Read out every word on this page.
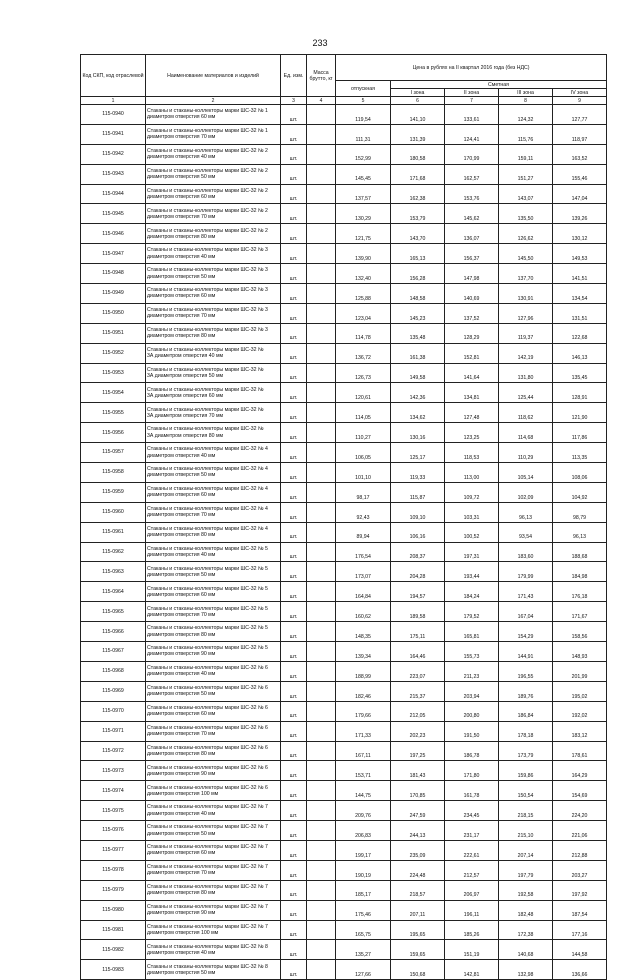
233
Код СКП, код отраслевой	Наименование материалов и изделий	Ед. изм.	Масса брутто, кг	Цена в рублях на II квартал 2016 года (без НДС)				
				отпускная	Сметная			
					I зона	II зона	III зона	IV зона
1	2	3	4	5	6	7	8	9
115-0940	Стаканы и стаканы-коллекторы марки ШС-32 № 1
диаметром отверстия 60 мм	шт.		119,54	141,10	133,61	124,32	127,77
115-0941	Стаканы и стаканы-коллекторы марки ШС-32 № 1
диаметром отверстия 70 мм	шт.		111,31	131,39	124,41	115,76	118,97
115-0942	Стаканы и стаканы-коллекторы марки ШС-32 № 2
диаметром отверстия 40 мм	шт.		152,99	180,58	170,99	159,11	163,52
115-0943	Стаканы и стаканы-коллекторы марки ШС-32 № 2
диаметром отверстия 50 мм	шт.		145,45	171,68	162,57	151,27	155,46
115-0944	Стаканы и стаканы-коллекторы марки ШС-32 № 2
диаметром отверстия 60 мм	шт.		137,57	162,38	153,76	143,07	147,04
115-0945	Стаканы и стаканы-коллекторы марки ШС-32 № 2
диаметром отверстия 70 мм	шт.		130,29	153,79	145,62	135,50	139,26
115-0946	Стаканы и стаканы-коллекторы марки ШС-32 № 2
диаметром отверстия 80 мм	шт.		121,75	143,70	136,07	126,62	130,12
115-0947	Стаканы и стаканы-коллекторы марки ШС-32 № 3
диаметром отверстия 40 мм	шт.		139,90	165,13	156,37	145,50	149,53
115-0948	Стаканы и стаканы-коллекторы марки ШС-32 № 3
диаметром отверстия 50 мм	шт.		132,40	156,28	147,98	137,70	141,51
115-0949	Стаканы и стаканы-коллекторы марки ШС-32 № 3
диаметром отверстия 60 мм	шт.		125,88	148,58	140,69	130,91	134,54
115-0950	Стаканы и стаканы-коллекторы марки ШС-32 № 3
диаметром отверстия 70 мм	шт.		123,04	145,23	137,52	127,96	131,51
115-0951	Стаканы и стаканы-коллекторы марки ШС-32 № 3
диаметром отверстия 80 мм	шт.		114,78	135,48	128,29	119,37	122,68
115-0952	Стаканы и стаканы-коллекторы марки ШС-32 №
3А диаметром отверстия 40 мм	шт.		136,72	161,38	152,81	142,19	146,13
115-0953	Стаканы и стаканы-коллекторы марки ШС-32 №
3А диаметром отверстия 50 мм	шт.		126,73	149,58	141,64	131,80	135,45
115-0954	Стаканы и стаканы-коллекторы марки ШС-32 №
3А диаметром отверстия 60 мм	шт.		120,61	142,36	134,81	125,44	128,91
115-0955	Стаканы и стаканы-коллекторы марки ШС-32 №
3А диаметром отверстия 70 мм	шт.		114,05	134,62	127,48	118,62	121,90
115-0956	Стаканы и стаканы-коллекторы марки ШС-32 №
3А диаметром отверстия 80 мм	шт.		110,27	130,16	123,25	114,68	117,86
115-0957	Стаканы и стаканы-коллекторы марки ШС-32 № 4
диаметром отверстия 40 мм	шт.		106,05	125,17	118,53	110,29	113,35
115-0958	Стаканы и стаканы-коллекторы марки ШС-32 № 4
диаметром отверстия 50 мм	шт.		101,10	119,33	113,00	105,14	108,06
115-0959	Стаканы и стаканы-коллекторы марки ШС-32 № 4
диаметром отверстия 60 мм	шт.		98,17	115,87	109,72	102,09	104,92
115-0960	Стаканы и стаканы-коллекторы марки ШС-32 № 4
диаметром отверстия 70 мм	шт.		92,43	109,10	103,31	96,13	98,79
115-0961	Стаканы и стаканы-коллекторы марки ШС-32 № 4
диаметром отверстия 80 мм	шт.		89,94	106,16	100,52	93,54	96,13
115-0962	Стаканы и стаканы-коллекторы марки ШС-32 № 5
диаметром отверстия 40 мм	шт.		176,54	208,37	197,31	183,60	188,68
115-0963	Стаканы и стаканы-коллекторы марки ШС-32 № 5
диаметром отверстия 50 мм	шт.		173,07	204,28	193,44	179,99	184,98
115-0964	Стаканы и стаканы-коллекторы марки ШС-32 № 5
диаметром отверстия 60 мм	шт.		164,84	194,57	184,24	171,43	176,18
115-0965	Стаканы и стаканы-коллекторы марки ШС-32 № 5
диаметром отверстия 70 мм	шт.		160,62	189,58	179,52	167,04	171,67
115-0966	Стаканы и стаканы-коллекторы марки ШС-32 № 5
диаметром отверстия 80 мм	шт.		148,35	175,11	165,81	154,29	158,56
115-0967	Стаканы и стаканы-коллекторы марки ШС-32 № 5
диаметром отверстия 90 мм	шт.		139,34	164,46	155,73	144,91	148,93
115-0968	Стаканы и стаканы-коллекторы марки ШС-32 № 6
диаметром отверстия 40 мм	шт.		188,99	223,07	211,23	196,55	201,99
115-0969	Стаканы и стаканы-коллекторы марки ШС-32 № 6
диаметром отверстия 50 мм	шт.		182,46	215,37	203,94	189,76	195,02
115-0970	Стаканы и стаканы-коллекторы марки ШС-32 № 6
диаметром отверстия 60 мм	шт.		179,66	212,05	200,80	186,84	192,02
115-0971	Стаканы и стаканы-коллекторы марки ШС-32 № 6
диаметром отверстия 70 мм	шт.		171,33	202,23	191,50	178,18	183,12
115-0972	Стаканы и стаканы-коллекторы марки ШС-32 № 6
диаметром отверстия 80 мм	шт.		167,11	197,25	186,78	173,79	178,61
115-0973	Стаканы и стаканы-коллекторы марки ШС-32 № 6
диаметром отверстия 90 мм	шт.		153,71	181,43	171,80	159,86	164,29
115-0974	Стаканы и стаканы-коллекторы марки ШС-32 № 6
диаметром отверстия 100 мм	шт.		144,75	170,85	161,78	150,54	154,69
115-0975	Стаканы и стаканы-коллекторы марки ШС-32 № 7
диаметром отверстия 40 мм	шт.		209,76	247,59	234,45	218,15	224,20
115-0976	Стаканы и стаканы-коллекторы марки ШС-32 № 7
диаметром отверстия 50 мм	шт.		206,83	244,13	231,17	215,10	221,06
115-0977	Стаканы и стаканы-коллекторы марки ШС-32 № 7
диаметром отверстия 60 мм	шт.		199,17	235,09	222,61	207,14	212,88
115-0978	Стаканы и стаканы-коллекторы марки ШС-32 № 7
диаметром отверстия 70 мм	шт.		190,19	224,48	212,57	197,79	203,27
115-0979	Стаканы и стаканы-коллекторы марки ШС-32 № 7
диаметром отверстия 80 мм	шт.		185,17	218,57	206,97	192,58	197,92
115-0980	Стаканы и стаканы-коллекторы марки ШС-32 № 7
диаметром отверстия 90 мм	шт.		175,46	207,11	196,11	182,48	187,54
115-0981	Стаканы и стаканы-коллекторы марки ШС-32 № 7
диаметром отверстия 100 мм	шт.		165,75	195,65	185,26	172,38	177,16
115-0982	Стаканы и стаканы-коллекторы марки ШС-32 № 8
диаметром отверстия 40 мм	шт.		135,27	159,65	151,19	140,68	144,58
115-0983	Стаканы и стаканы-коллекторы марки ШС-32 № 8
диаметром отверстия 50 мм	шт.		127,66	150,68	142,81	132,98	136,66
